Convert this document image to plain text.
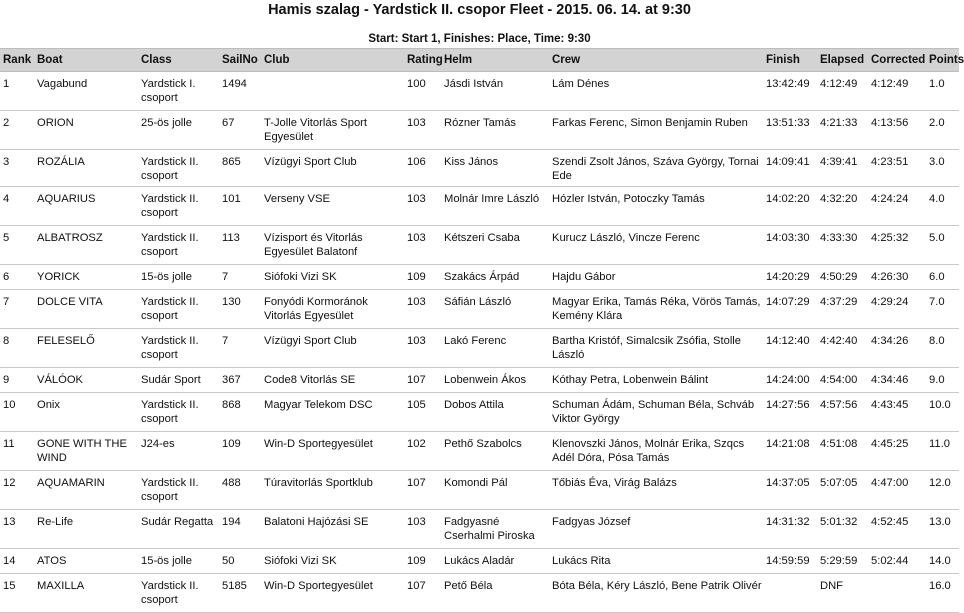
Hamis szalag - Yardstick II. csopor Fleet - 2015. 06. 14. at 9:30
Start: Start 1, Finishes: Place, Time: 9:30
Rank	Boat	Class	SailNo	Club	Rating	Helm	Crew	Finish	Elapsed	Corrected	Points
1	Vagabund	Yardstick I. csoport	1494		100	Jásdi István	Lám Dénes	13:42:49	4:12:49	4:12:49	1.0
2	ORION	25-ös jolle	67	T-Jolle Vitorlás Sport Egyesület	103	Rózner Tamás	Farkas Ferenc, Simon Benjamin Ruben	13:51:33	4:21:33	4:13:56	2.0
3	ROZÁLIA	Yardstick II. csoport	865	Vízügyi Sport Club	106	Kiss János	Szendi Zsolt János, Száva György, Tornai Ede	14:09:41	4:39:41	4:23:51	3.0
4	AQUARIUS	Yardstick II. csoport	101	Verseny VSE	103	Molnár Imre László	Hózler István, Potoczky Tamás	14:02:20	4:32:20	4:24:24	4.0
5	ALBATROSZ	Yardstick II. csoport	113	Vízisport és Vitorlás Egyesület Balatonf	103	Kétszeri Csaba	Kurucz László, Vincze Ferenc	14:03:30	4:33:30	4:25:32	5.0
6	YORICK	15-ös jolle	7	Siófoki Vizi SK	109	Szakács Árpád	Hajdu Gábor	14:20:29	4:50:29	4:26:30	6.0
7	DOLCE VITA	Yardstick II. csoport	130	Fonyódi Kormoránok Vitorlás Egyesület	103	Sáfián László	Magyar Erika, Tamás Réka, Vörös Tamás, Kemény Klára	14:07:29	4:37:29	4:29:24	7.0
8	FELESELŐ	Yardstick II. csoport	7	Vízügyi Sport Club	103	Lakó Ferenc	Bartha Kristóf, Simalcsik Zsófia, Stolle László	14:12:40	4:42:40	4:34:26	8.0
9	VÁLÓOK	Sudár Sport	367	Code8 Vitorlás SE	107	Lobenwein Ákos	Kóthay Petra, Lobenwein Bálint	14:24:00	4:54:00	4:34:46	9.0
10	Onix	Yardstick II. csoport	868	Magyar Telekom DSC	105	Dobos Attila	Schuman Ádám, Schuman Béla, Schváb Viktor György	14:27:56	4:57:56	4:43:45	10.0
11	GONE WITH THE WIND	J24-es	109	Win-D Sportegyesület	102	Pethő Szabolcs	Klenovszki János, Molnár Erika, Szqcs Adél Dóra, Pósa Tamás	14:21:08	4:51:08	4:45:25	11.0
12	AQUAMARIN	Yardstick II. csoport	488	Túravitorlás Sportklub	107	Komondi Pál	Tőbiás Éva, Virág Balázs	14:37:05	5:07:05	4:47:00	12.0
13	Re-Life	Sudár Regatta	194	Balatoni Hajózási SE	103	Fadgyasné Cserhalmi Piroska	Fadgyas József	14:31:32	5:01:32	4:52:45	13.0
14	ATOS	15-ös jolle	50	Siófoki Vizi SK	109	Lukács Aladár	Lukács Rita	14:59:59	5:29:59	5:02:44	14.0
15	MAXILLA	Yardstick II. csoport	5185	Win-D Sportegyesület	107	Pető Béla	Bóta Béla, Kéry László, Bene Patrik Olivér		DNF		16.0
